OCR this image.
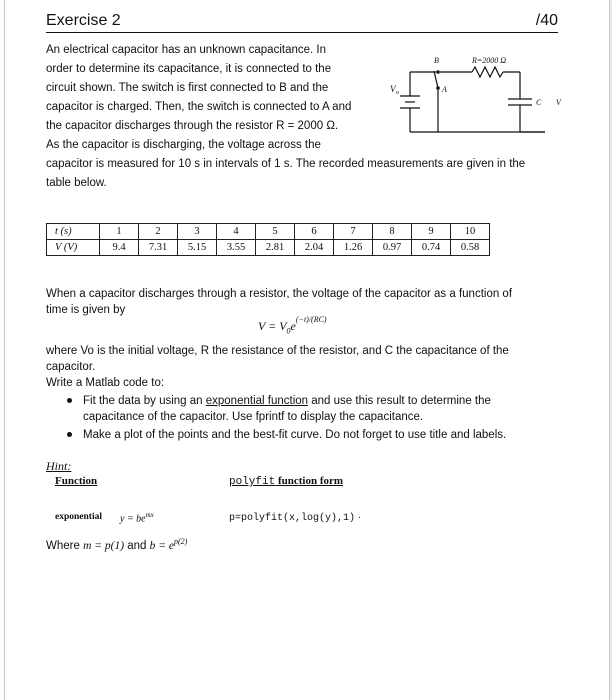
Exercise 2	/40
An electrical capacitor has an unknown capacitance. In
order to determine its capacitance, it is connected to the
circuit shown. The switch is first connected to B and the
capacitor is charged. Then, the switch is connected to A and
the capacitor discharges through the resistor R = 2000 Ω.
As the capacitor is discharging, the voltage across the
capacitor is measured for 10 s in intervals of 1 s. The recorded measurements are given in the
table below.
B
A
R=2000 Ω
V o
C V
t (s)	1	2	3	4	5	6	7	8	9	10
V (V)	9.4	7.31	5.15	3.55	2.81	2.04	1.26	0.97	0.74	0.58
When a capacitor discharges through a resistor, the voltage of the capacitor as a function of
time is given by
$V = V_0e^{(-t)/(RC)}$
where Vo is the initial voltage, R the resistance of the resistor, and C the capacitance of the
capacitor.
Write a Matlab code to:
Fit the data by using an exponential function and use this result to determine the
capacitance of the capacitor. Use fprintf to display the capacitance.
Make a plot of the points and the best-fit curve. Do not forget to use title and labels.
Hint:
Function	polyfit function form
exponential $y = be^{mx}$	p=polyfit(x,log(y),1) ·
Where m = p(1) and $b = e^{p(2)}$
